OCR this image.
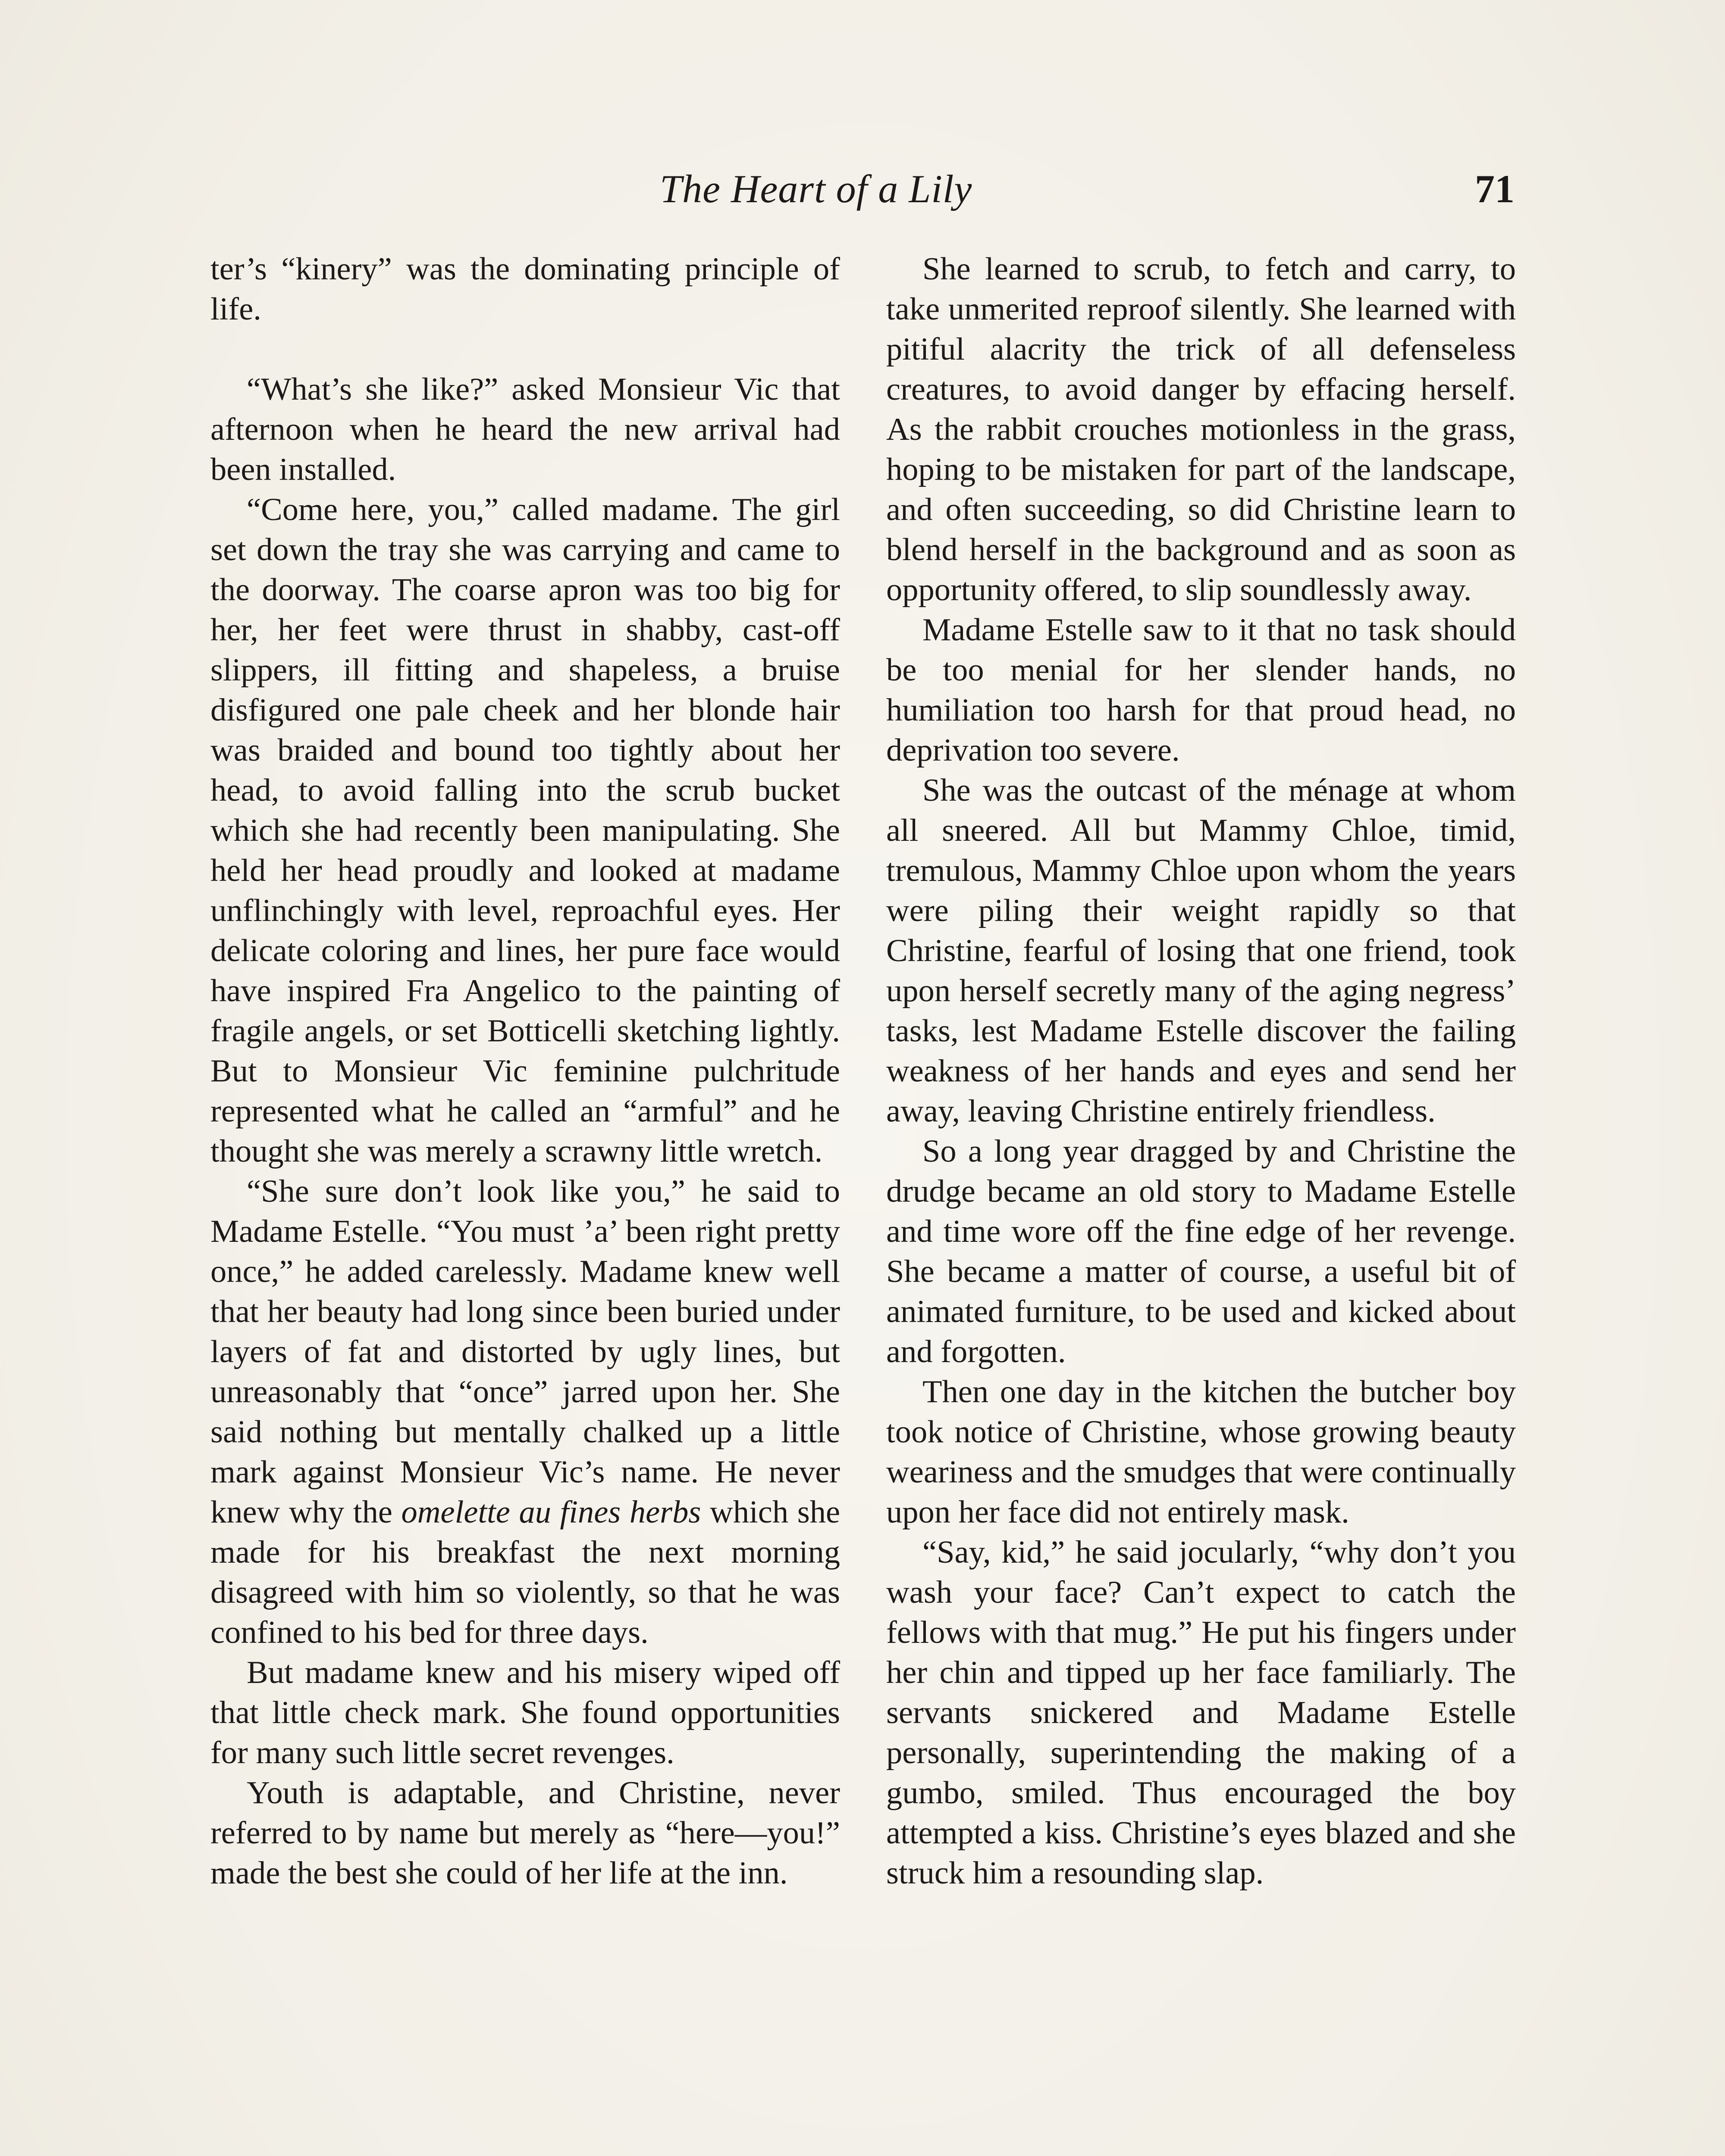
The Heart of a Lily	71

ter’s “kinery” was the dominating principle of life.

“What’s she like?” asked Monsieur Vic that afternoon when he heard the new arrival had been installed.

“Come here, you,” called madame. The girl set down the tray she was carrying and came to the doorway. The coarse apron was too big for her, her feet were thrust in shabby, cast-off slippers, ill fitting and shapeless, a bruise disfigured one pale cheek and her blonde hair was braided and bound too tightly about her head, to avoid falling into the scrub bucket which she had recently been manipulating. She held her head proudly and looked at madame unflinchingly with level, reproachful eyes. Her delicate coloring and lines, her pure face would have inspired Fra Angelico to the painting of fragile angels, or set Botticelli sketching lightly. But to Monsieur Vic feminine pulchritude represented what he called an “armful” and he thought she was merely a scrawny little wretch.

“She sure don’t look like you,” he said to Madame Estelle. “You must ’a’ been right pretty once,” he added carelessly. Madame knew well that her beauty had long since been buried under layers of fat and distorted by ugly lines, but unreasonably that “once” jarred upon her. She said nothing but mentally chalked up a little mark against Monsieur Vic’s name. He never knew why the omelette au fines herbs which she made for his breakfast the next morning disagreed with him so violently, so that he was confined to his bed for three days.

But madame knew and his misery wiped off that little check mark. She found opportunities for many such little secret revenges.

Youth is adaptable, and Christine, never referred to by name but merely as “here—you!” made the best she could of her life at the inn.

She learned to scrub, to fetch and carry, to take unmerited reproof silently. She learned with pitiful alacrity the trick of all defenseless creatures, to avoid danger by effacing herself. As the rabbit crouches motionless in the grass, hoping to be mistaken for part of the landscape, and often succeeding, so did Christine learn to blend herself in the background and as soon as opportunity offered, to slip soundlessly away.

Madame Estelle saw to it that no task should be too menial for her slender hands, no humiliation too harsh for that proud head, no deprivation too severe.

She was the outcast of the ménage at whom all sneered. All but Mammy Chloe, timid, tremulous, Mammy Chloe upon whom the years were piling their weight rapidly so that Christine, fearful of losing that one friend, took upon herself secretly many of the aging negress’ tasks, lest Madame Estelle discover the failing weakness of her hands and eyes and send her away, leaving Christine entirely friendless.

So a long year dragged by and Christine the drudge became an old story to Madame Estelle and time wore off the fine edge of her revenge. She became a matter of course, a useful bit of animated furniture, to be used and kicked about and forgotten.

Then one day in the kitchen the butcher boy took notice of Christine, whose growing beauty weariness and the smudges that were continually upon her face did not entirely mask.

“Say, kid,” he said jocularly, “why don’t you wash your face? Can’t expect to catch the fellows with that mug.” He put his fingers under her chin and tipped up her face familiarly. The servants snickered and Madame Estelle personally, superintending the making of a gumbo, smiled. Thus encouraged the boy attempted a kiss. Christine’s eyes blazed and she struck him a resounding slap.
